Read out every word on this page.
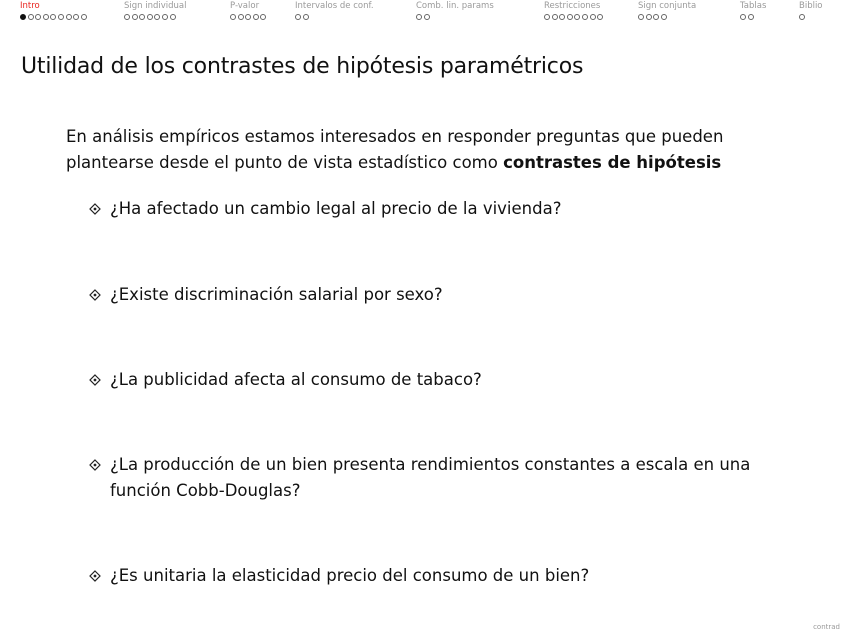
Intro	Sign individual	P-valor	Intervalos de conf.	Comb. lin. params	Restricciones	Sign conjunta	Tablas	Biblio
Utilidad de los contrastes de hipótesis paramétricos
En análisis empíricos estamos interesados en responder preguntas que pueden plantearse desde el punto de vista estadístico como contrastes de hipótesis
¿Ha afectado un cambio legal al precio de la vivienda?
¿Existe discriminación salarial por sexo?
¿La publicidad afecta al consumo de tabaco?
¿La producción de un bien presenta rendimientos constantes a escala en una función Cobb-Douglas?
¿Es unitaria la elasticidad precio del consumo de un bien?
contrad
